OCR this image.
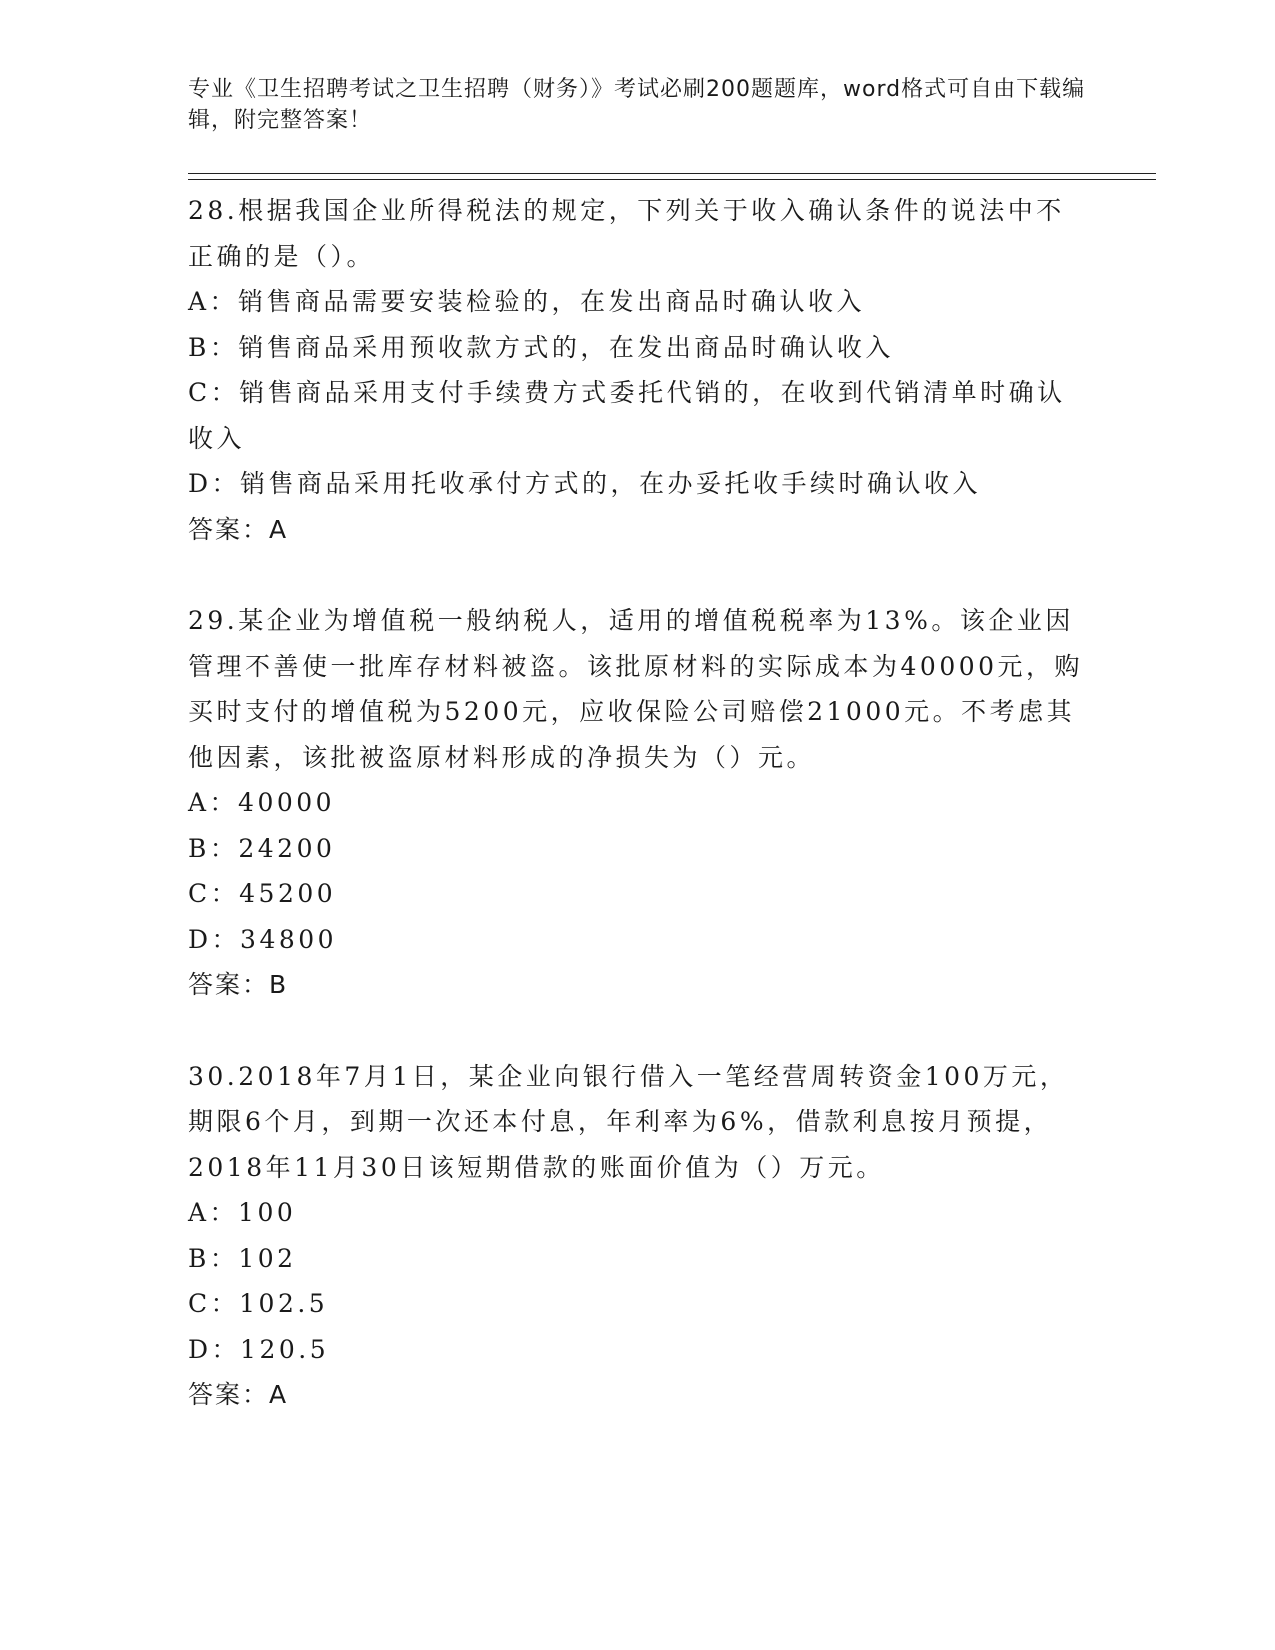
专业《卫生招聘考试之卫生招聘（财务）》考试必刷200题题库，word格式可自由下载编辑，附完整答案！

28.根据我国企业所得税法的规定，下列关于收入确认条件的说法中不正确的是（）。

A：销售商品需要安装检验的，在发出商品时确认收入

B：销售商品采用预收款方式的，在发出商品时确认收入

C：销售商品采用支付手续费方式委托代销的，在收到代销清单时确认收入

D：销售商品采用托收承付方式的，在办妥托收手续时确认收入

答案：A

29.某企业为增值税一般纳税人，适用的增值税税率为13%。该企业因管理不善使一批库存材料被盗。该批原材料的实际成本为40000元，购买时支付的增值税为5200元，应收保险公司赔偿21000元。不考虑其他因素，该批被盗原材料形成的净损失为（）元。

A：40000

B：24200

C：45200

D：34800

答案：B

30.2018年7月1日，某企业向银行借入一笔经营周转资金100万元，期限6个月，到期一次还本付息，年利率为6%，借款利息按月预提，2018年11月30日该短期借款的账面价值为（）万元。

A：100

B：102

C：102.5

D：120.5

答案：A
